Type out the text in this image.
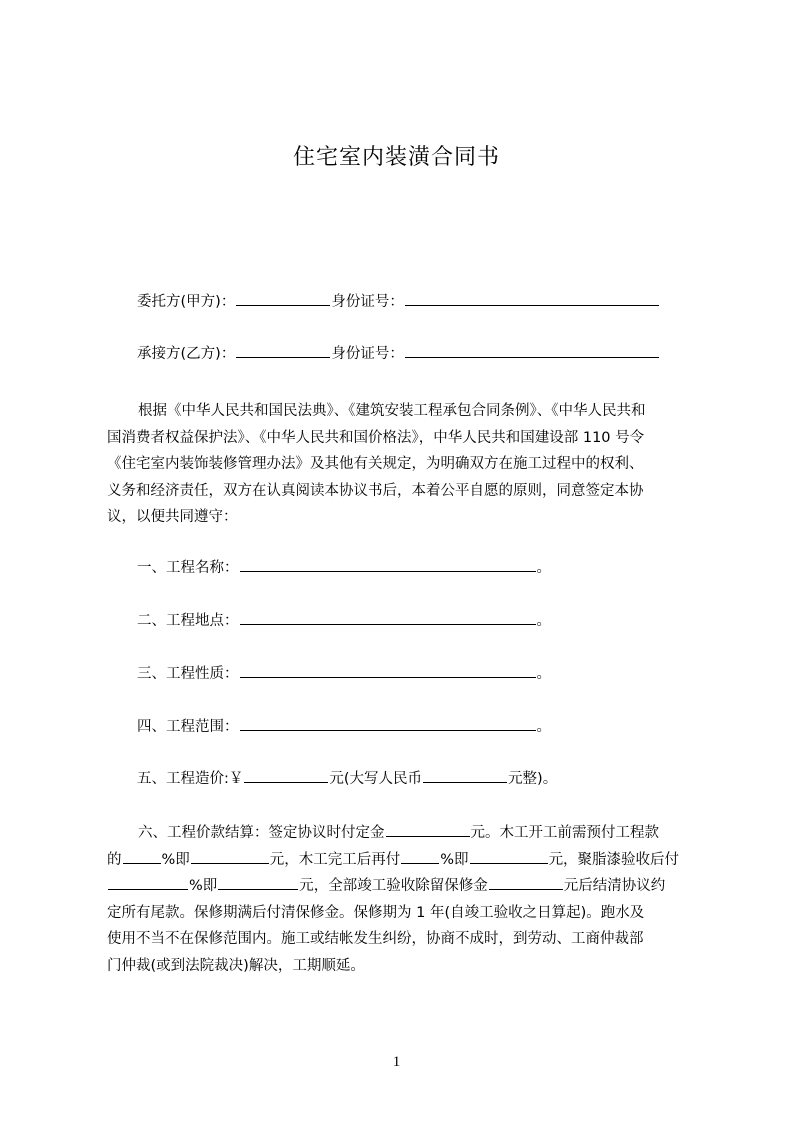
住宅室内装潢合同书
委托方(甲方)：	身份证号：
承接方(乙方)：	身份证号：
根据《中华人民共和国民法典》、《建筑安装工程承包合同条例》、《中华人民共和
国消费者权益保护法》、《中华人民共和国价格法》，中华人民共和国建设部 110 号令
《住宅室内装饰装修管理办法》及其他有关规定，为明确双方在施工过程中的权利、
义务和经济责任，双方在认真阅读本协议书后，本着公平自愿的原则，同意签定本协
议，以便共同遵守：
一、工程名称：	。
二、工程地点：	。
三、工程性质：	。
四、工程范围：	。
五、工程造价:￥	元(大写人民币	元整)。
六、工程价款结算：签定协议时付定金	元。木工开工前需预付工程款
的	%即	元，木工完工后再付	%即	元，聚脂漆验收后付
%即	元，全部竣工验收除留保修金	元后结清协议约
定所有尾款。保修期满后付清保修金。保修期为 1 年(自竣工验收之日算起)。跑水及
使用不当不在保修范围内。施工或结帐发生纠纷，协商不成时，到劳动、工商仲裁部
门仲裁(或到法院裁决)解决，工期顺延。
1
